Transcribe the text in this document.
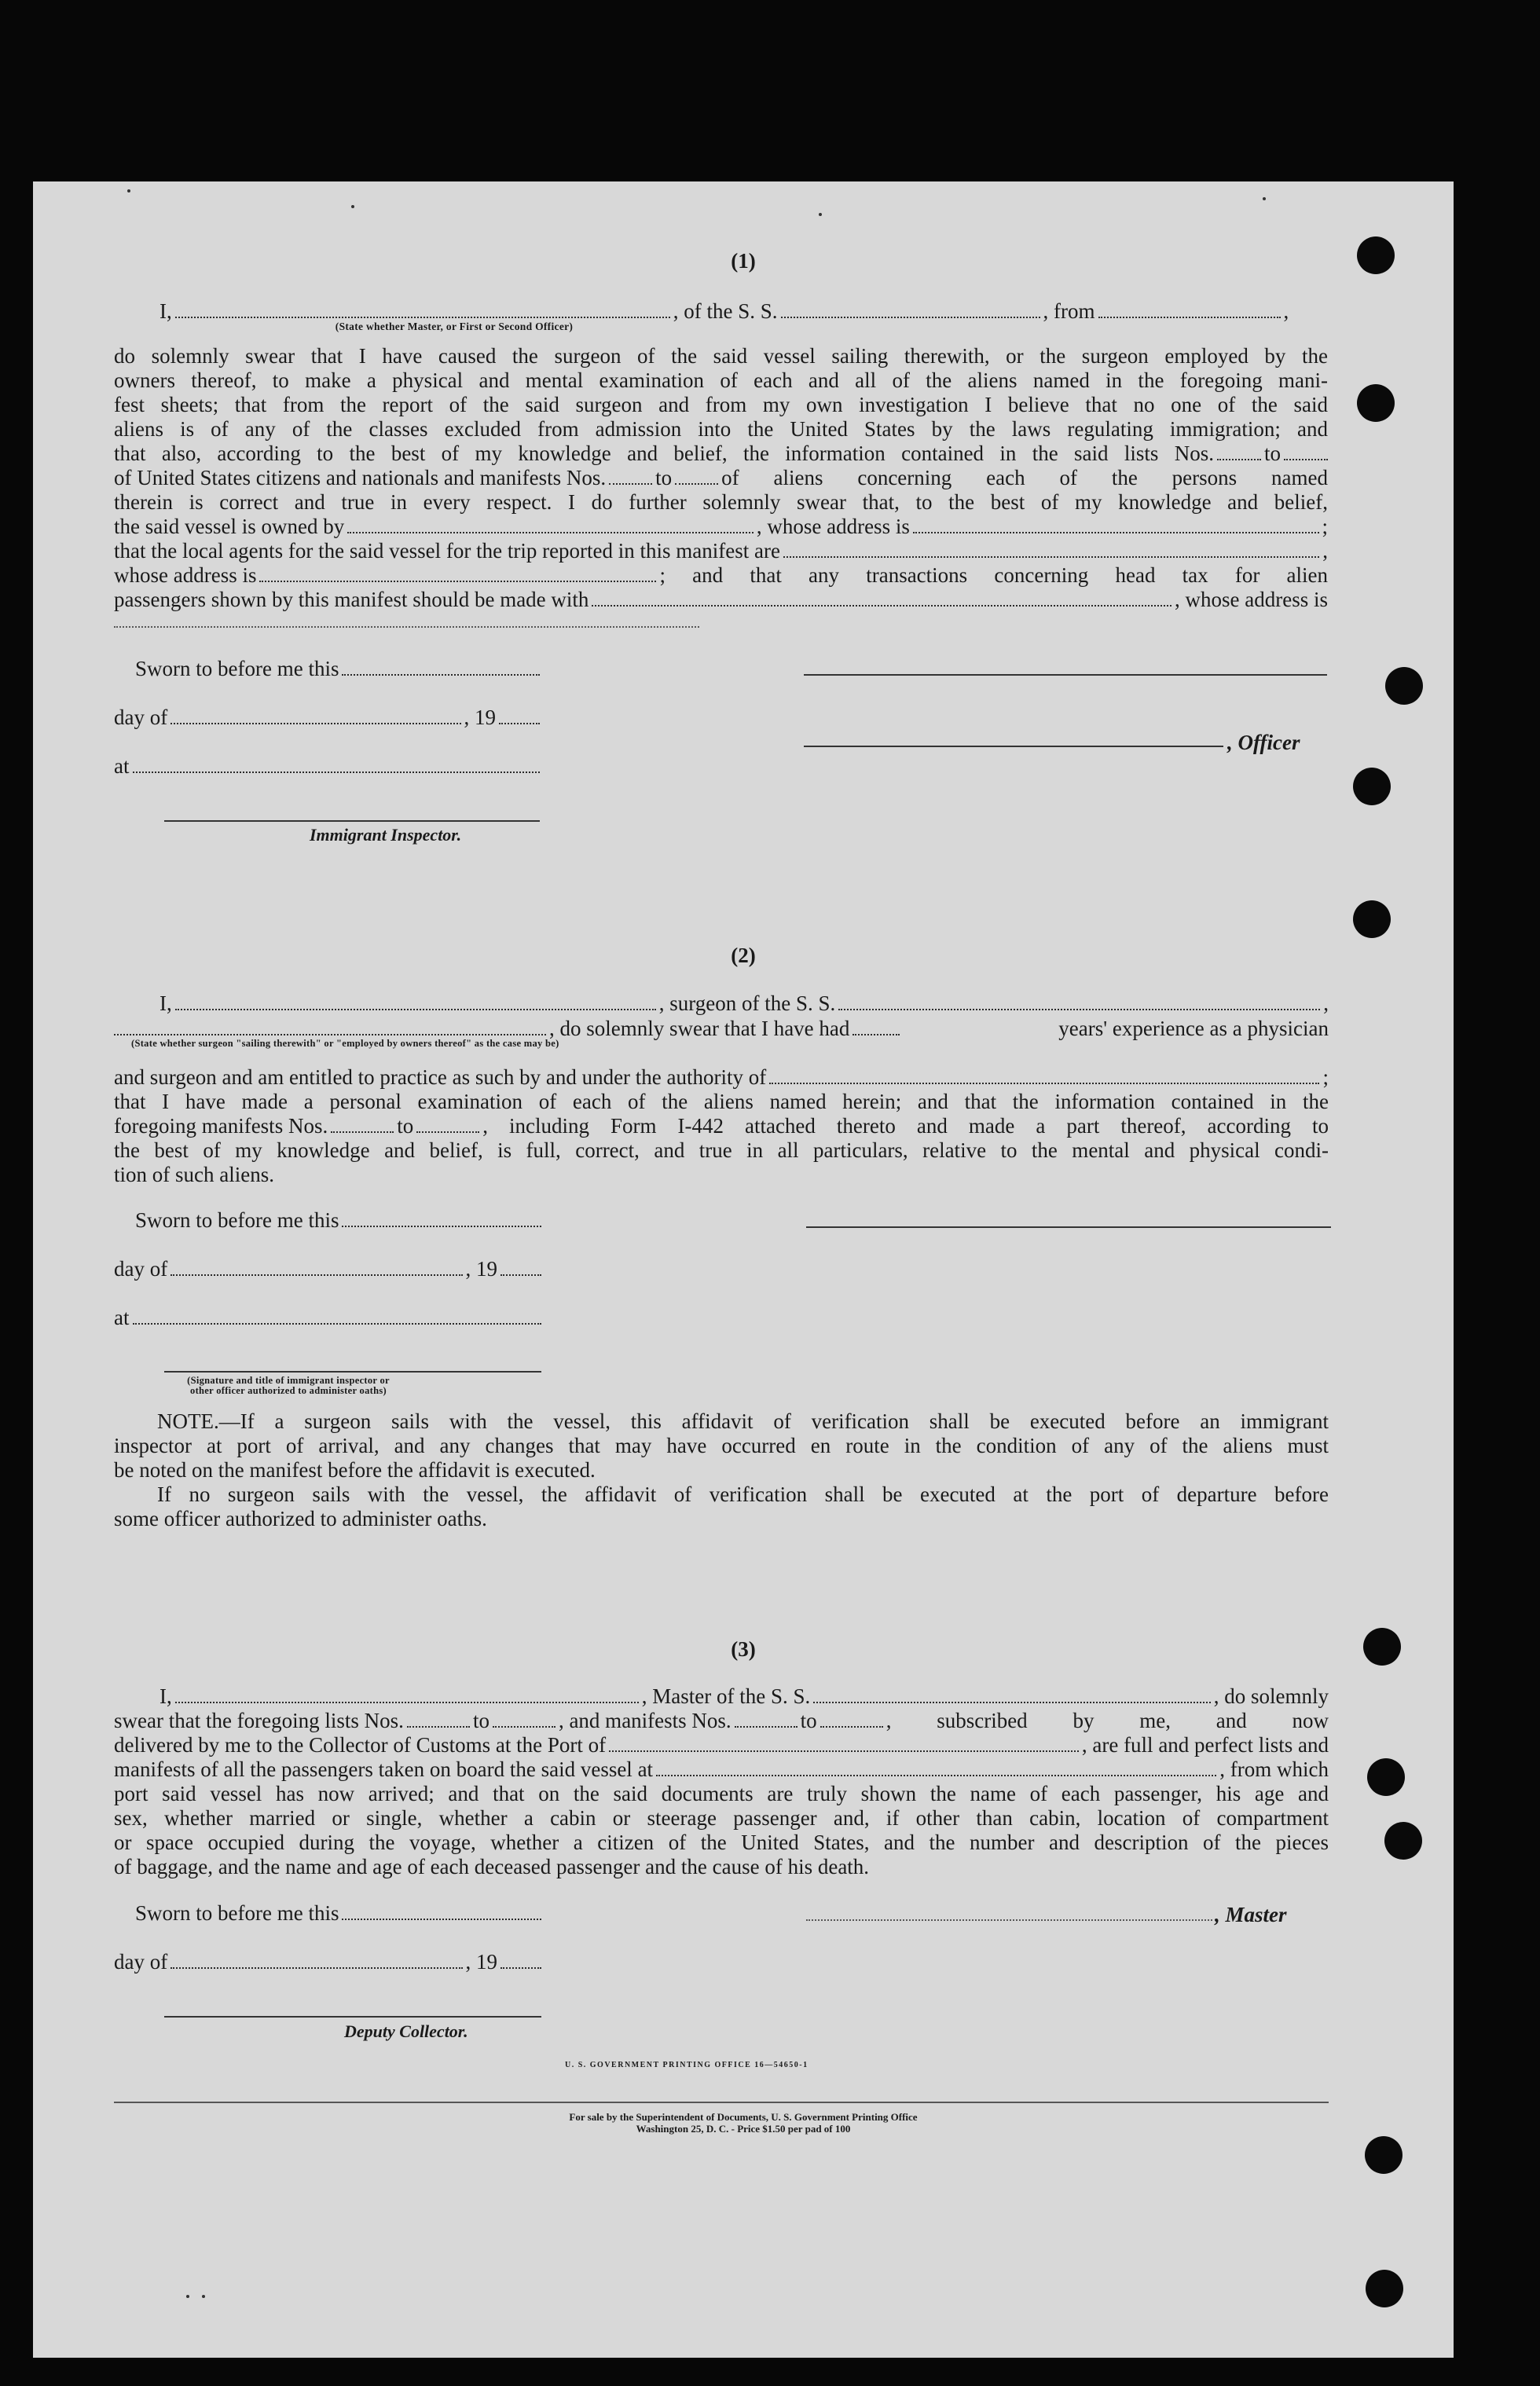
(1)

I,	, of the S. S.	, from	,

(State whether Master, or First or Second Officer)

do solemnly swear that I have caused the surgeon of the said vessel sailing therewith, or the surgeon employed by the

owners thereof, to make a physical and mental examination of each and all of the aliens named in the foregoing mani-

fest sheets; that from the report of the said surgeon and from my own investigation I believe that no one of the said

aliens is of any of the classes excluded from admission into the United States by the laws regulating immigration; and

that also, according to the best of my knowledge and belief, the information contained in the said lists Nos. to
of United States citizens and nationals and manifests Nos. to of aliens concerning each of the persons named

therein is correct and true in every respect. I do further solemnly swear that, to the best of my knowledge and belief,

the said vessel is owned by	, whose address is	;
that the local agents for the said vessel for the trip reported in this manifest are	,
whose address is	; and that any transactions concerning head tax for alien
passengers shown by this manifest should be made with	, whose address is
Sworn to before me this
day of	, 19

, Officer

at

Immigrant Inspector.

(2)

I,	, surgeon of the S. S.	,
, do solemnly swear that I have had	years' experience as a physician

(State whether surgeon "sailing therewith" or "employed by owners thereof" as the case may be)

and surgeon and am entitled to practice as such by and under the authority of	;

that I have made a personal examination of each of the aliens named herein; and that the information contained in the

foregoing manifests Nos.	to	, including Form I-442 attached thereto and made a part thereof, according to

the best of my knowledge and belief, is full, correct, and true in all particulars, relative to the mental and physical condi-

tion of such aliens.

Sworn to before me this
day of	, 19
at

(Signature and title of immigrant inspector or other officer authorized to administer oaths)

NOTE.—If a surgeon sails with the vessel, this affidavit of verification shall be executed before an immigrant

inspector at port of arrival, and any changes that may have occurred en route in the condition of any of the aliens must

be noted on the manifest before the affidavit is executed.

If no surgeon sails with the vessel, the affidavit of verification shall be executed at the port of departure before

some officer authorized to administer oaths.

(3)

I,	, Master of the S. S.	, do solemnly
swear that the foregoing lists Nos.	to	, and manifests Nos.	to	, subscribed by me, and now
delivered by me to the Collector of Customs at the Port of	, are full and perfect lists and
manifests of all the passengers taken on board the said vessel at	, from which

port said vessel has now arrived; and that on the said documents are truly shown the name of each passenger, his age and

sex, whether married or single, whether a cabin or steerage passenger and, if other than cabin, location of compartment

or space occupied during the voyage, whether a citizen of the United States, and the number and description of the pieces

of baggage, and the name and age of each deceased passenger and the cause of his death.

Sworn to before me this	, Master

day of	, 19

Deputy Collector.

U. S. GOVERNMENT PRINTING OFFICE 16—54650-1

For sale by the Superintendent of Documents, U. S. Government Printing Office

Washington 25, D. C. - Price $1.50 per pad of 100
